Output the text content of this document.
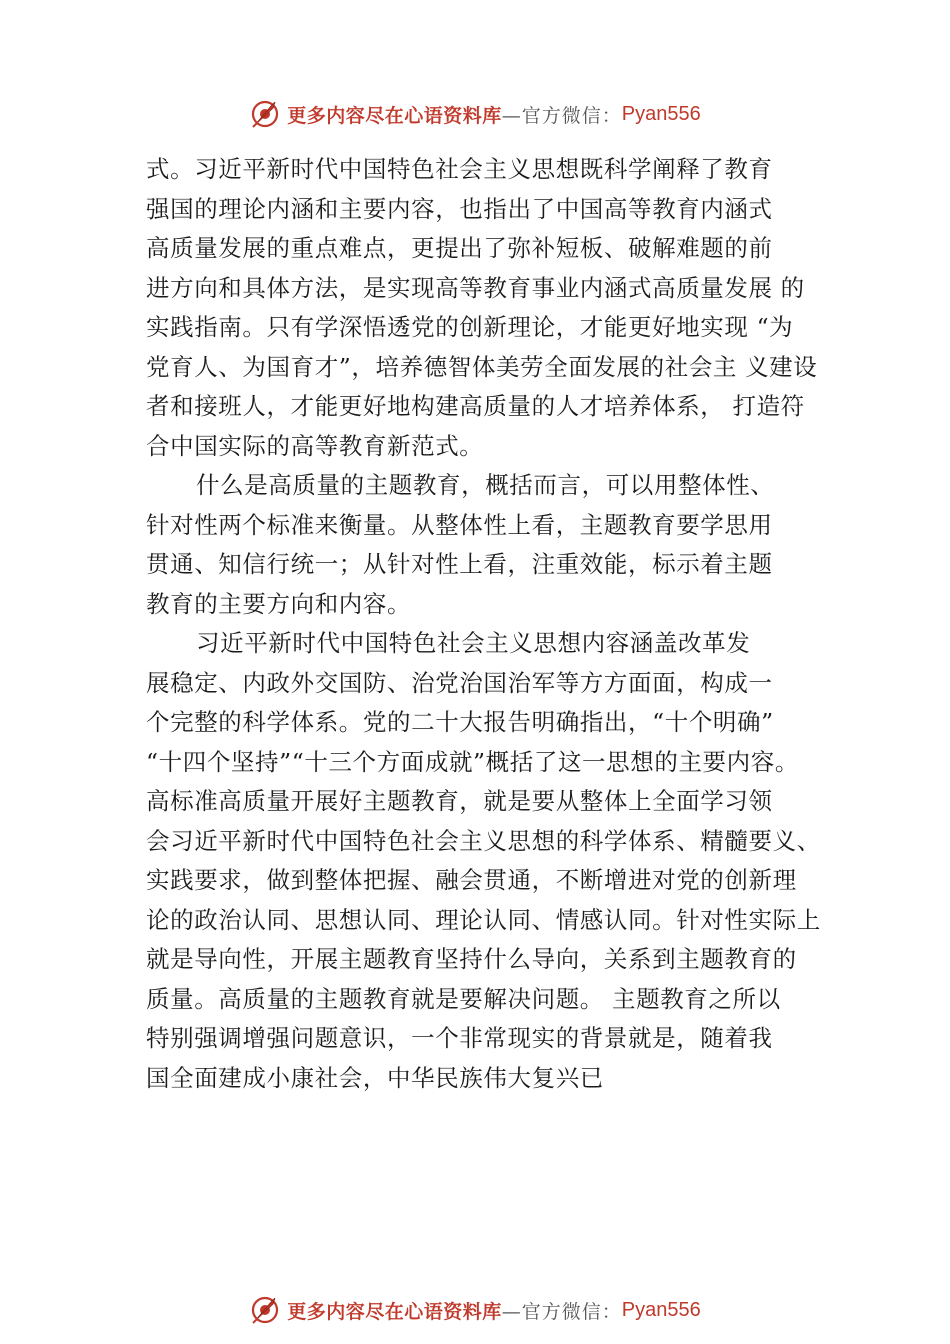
更多内容尽在心语资料库 —官方微信： Pyan556
式。习近平新时代中国特色社会主义思想既科学阐释了教育
强国的理论内涵和主要内容，也指出了中国高等教育内涵式
高质量发展的重点难点，更提出了弥补短板、破解难题的前
进方向和具体方法，是实现高等教育事业内涵式高质量发展 的
实践指南。只有学深悟透党的创新理论，才能更好地实现 “为
党育人、为国育才”，培养德智体美劳全面发展的社会主 义建设
者和接班人，才能更好地构建高质量的人才培养体系， 打造符
合中国实际的高等教育新范式。
什么是高质量的主题教育，概括而言，可以用整体性、
针对性两个标准来衡量。从整体性上看，主题教育要学思用
贯通、知信行统一；从针对性上看，注重效能，标示着主题
教育的主要方向和内容。
习近平新时代中国特色社会主义思想内容涵盖改革发
展稳定、内政外交国防、治党治国治军等方方面面，构成一
个完整的科学体系。党的二十大报告明确指出，“十个明确”
“十四个坚持”“十三个方面成就”概括了这一思想的主要内容。
高标准高质量开展好主题教育，就是要从整体上全面学习领
会习近平新时代中国特色社会主义思想的科学体系、精髓要义、
实践要求，做到整体把握、融会贯通，不断增进对党的创新理
论的政治认同、思想认同、理论认同、情感认同。针对性实际上
就是导向性，开展主题教育坚持什么导向，关系到主题教育的
质量。高质量的主题教育就是要解决问题。 主题教育之所以
特别强调增强问题意识，一个非常现实的背景就是，随着我
国全面建成小康社会，中华民族伟大复兴已
更多内容尽在心语资料库 —官方微信： Pyan556
